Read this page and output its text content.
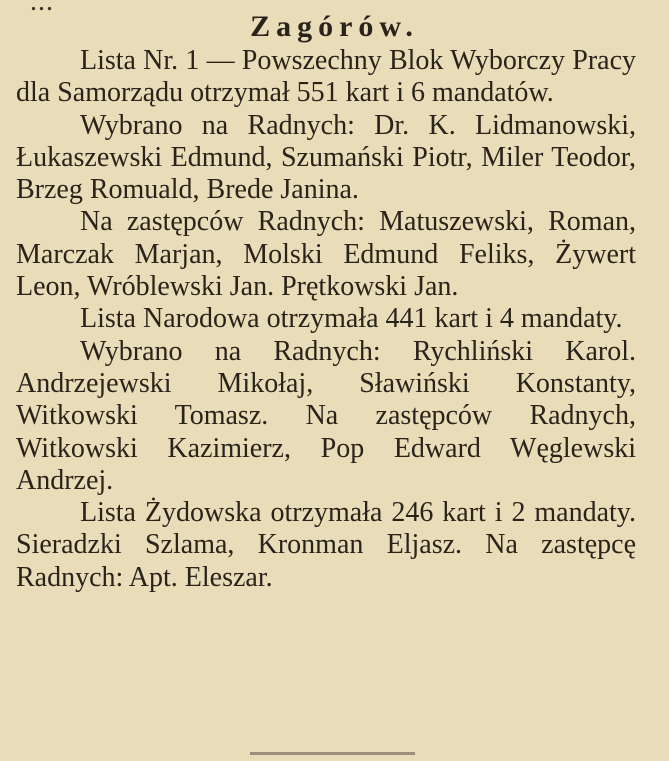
...
Zagórów.

Lista Nr. 1 — Powszechny Blok Wyborczy Pracy dla Samorządu otrzymał 551 kart i 6 mandatów.

Wybrano na Radnych: Dr. K. Lidmanowski, Łukaszewski Edmund, Szumański Piotr, Miler Teodor, Brzeg Romuald, Brede Janina.

Na zastępców Radnych: Matuszewski, Roman, Marczak Marjan, Molski Edmund Feliks, Żywert Leon, Wróblewski Jan. Prętkowski Jan.

Lista Narodowa otrzymała 441 kart i 4 mandaty.

Wybrano na Radnych: Rychliński Karol. Andrzejewski Mikołaj, Sławiński Konstanty, Witkowski Tomasz. Na zastępców Radnych, Witkowski Kazimierz, Pop Edward Węglewski Andrzej.

Lista Żydowska otrzymała 246 kart i 2 mandaty. Sieradzki Szlama, Kronman Eljasz. Na zastępcę Radnych: Apt. Eleszar.
